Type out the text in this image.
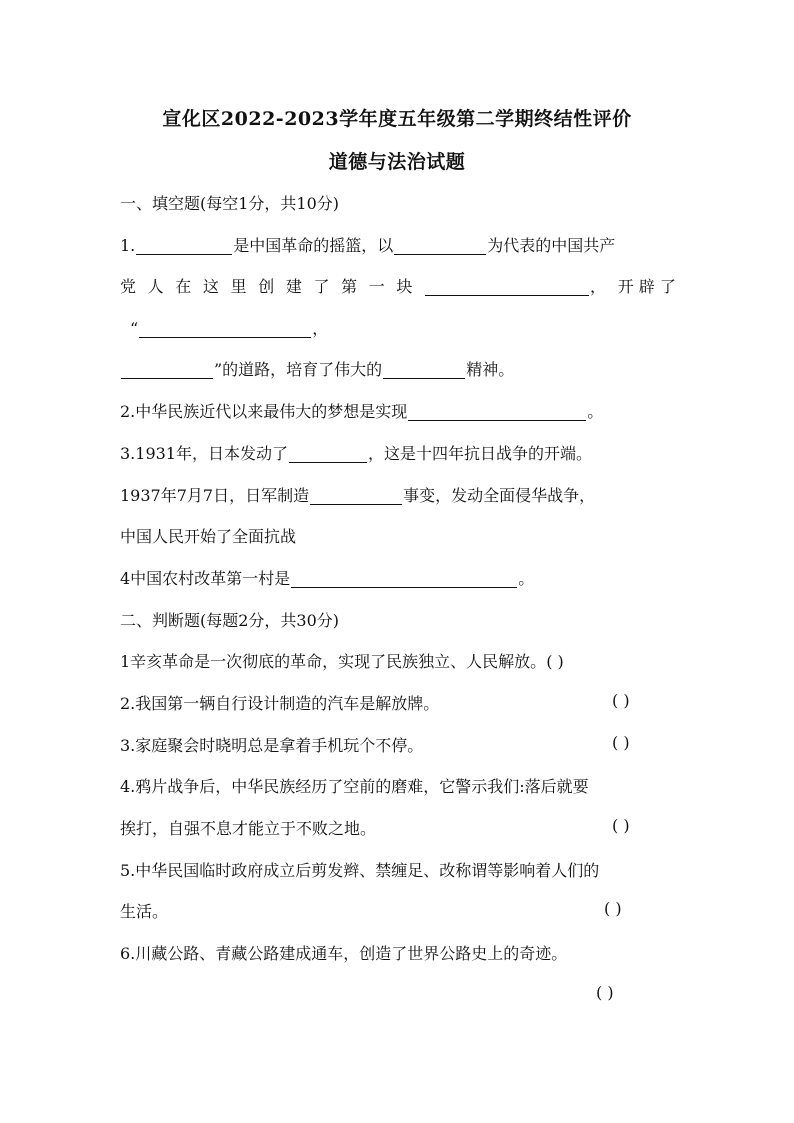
宣化区2022-2023学年度五年级第二学期终结性评价
道德与法治试题
一、填空题(每空1分，共10分)
1.	是中国革命的摇篮，以	为代表的中国共产
党 人 在 这 里 创 建 了 第 一 块	， 开 辟 了
“	，
”的道路，培育了伟大的	精神。
2.中华民族近代以来最伟大的梦想是实现	。
3.1931年，日本发动了	，这是十四年抗日战争的开端。
1937年7月7日，日军制造	事变，发动全面侵华战争，
中国人民开始了全面抗战
4中国农村改革第一村是	。
二、判断题(每题2分，共30分)
1辛亥革命是一次彻底的革命，实现了民族独立、人民解放。( )
2.我国第一辆自行设计制造的汽车是解放牌。	( )
3.家庭聚会时晓明总是拿着手机玩个不停。	( )
4.鸦片战争后，中华民族经历了空前的磨难，它警示我们:落后就要
挨打，自强不息才能立于不败之地。	( )
5.中华民国临时政府成立后剪发辫、禁缠足、改称谓等影响着人们的
生活。	( )
6.川藏公路、青藏公路建成通车，创造了世界公路史上的奇迹。
( )
